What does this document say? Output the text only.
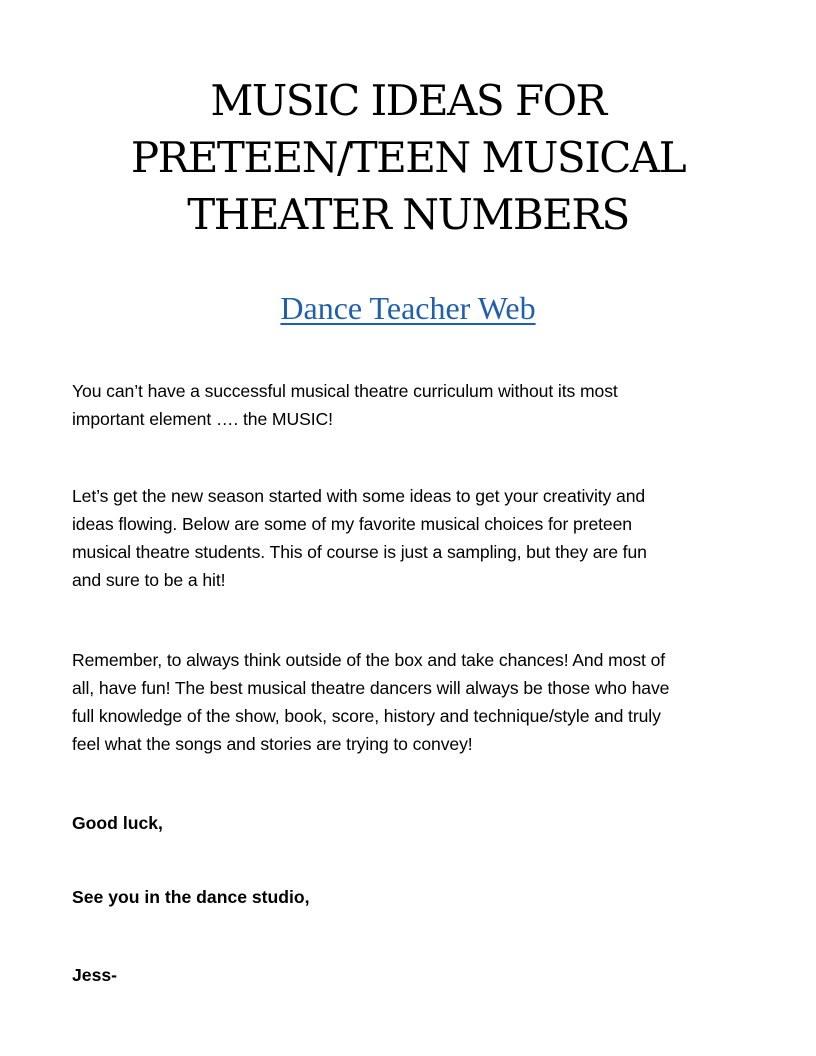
MUSIC IDEAS FOR
PRETEEN/TEEN MUSICAL
THEATER NUMBERS
Dance Teacher Web

You can’t have a successful musical theatre curriculum without its most
important element …. the MUSIC!

Let’s get the new season started with some ideas to get your creativity and
ideas flowing. Below are some of my favorite musical choices for preteen
musical theatre students. This of course is just a sampling, but they are fun
and sure to be a hit!

Remember, to always think outside of the box and take chances! And most of
all, have fun! The best musical theatre dancers will always be those who have
full knowledge of the show, book, score, history and technique/style and truly
feel what the songs and stories are trying to convey!

Good luck,

See you in the dance studio,

Jess-
